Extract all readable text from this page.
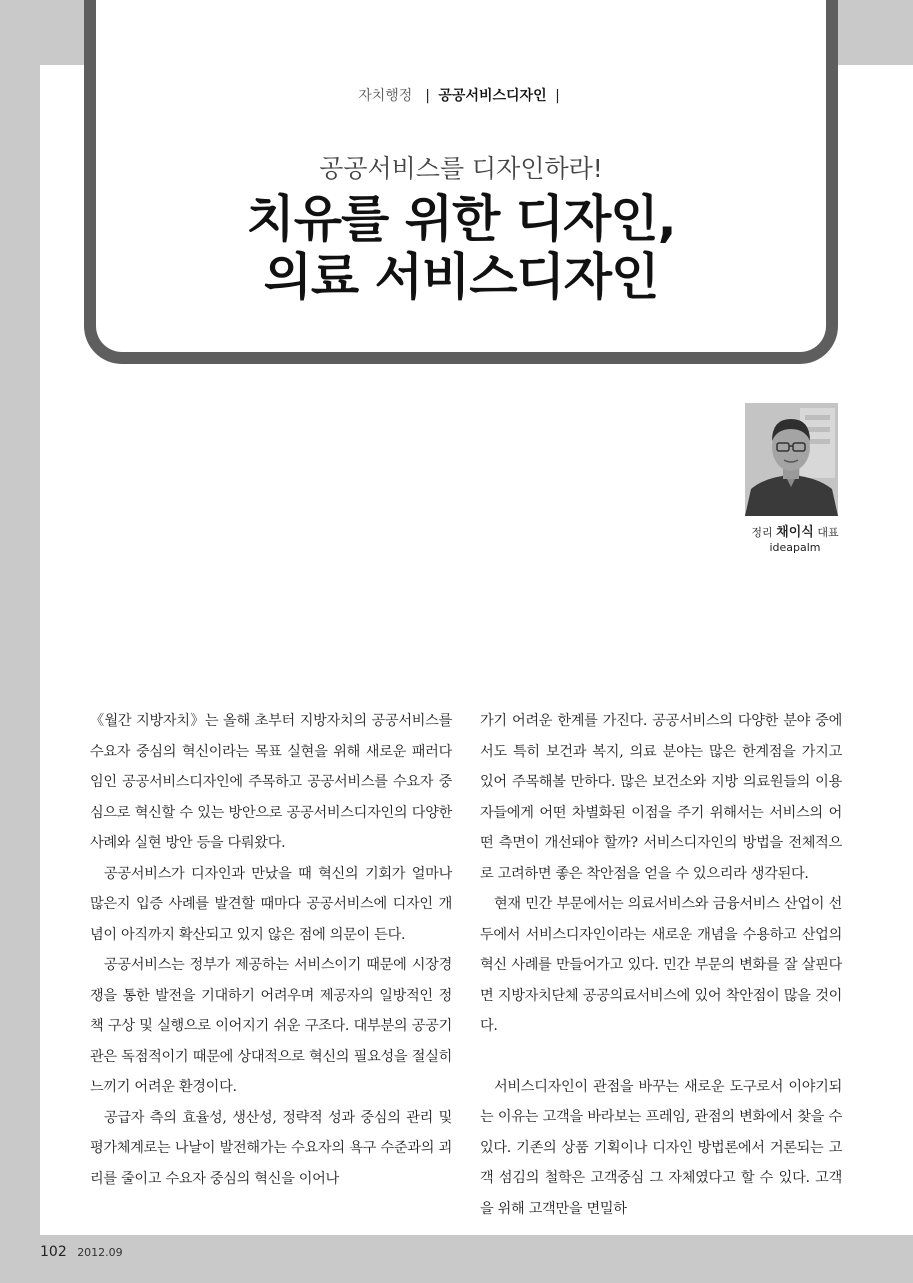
자치행정  | 공공서비스디자인 |
공공서비스를 디자인하라!
치유를 위한 디자인,
의료 서비스디자인
정리 채이식 대표
ideapalm

《월간 지방자치》는 올해 초부터 지방자치의 공공서비스를 수요자 중심의 혁신이라는 목표 실현을 위해 새로운 패러다임인 공공서비스디자인에 주목하고 공공서비스를 수요자 중심으로 혁신할 수 있는 방안으로 공공서비스디자인의 다양한 사례와 실현 방안 등을 다뤄왔다.

공공서비스가 디자인과 만났을 때 혁신의 기회가 얼마나 많은지 입증 사례를 발견할 때마다 공공서비스에 디자인 개념이 아직까지 확산되고 있지 않은 점에 의문이 든다.

공공서비스는 정부가 제공하는 서비스이기 때문에 시장경쟁을 통한 발전을 기대하기 어려우며 제공자의 일방적인 정책 구상 및 실행으로 이어지기 쉬운 구조다. 대부분의 공공기관은 독점적이기 때문에 상대적으로 혁신의 필요성을 절실히 느끼기 어려운 환경이다.

공급자 측의 효율성, 생산성, 정략적 성과 중심의 관리 및 평가체계로는 나날이 발전해가는 수요자의 욕구 수준과의 괴리를 줄이고 수요자 중심의 혁신을 이어나

가기 어려운 한계를 가진다. 공공서비스의 다양한 분야 중에서도 특히 보건과 복지, 의료 분야는 많은 한계점을 가지고 있어 주목해볼 만하다. 많은 보건소와 지방 의료원들의 이용자들에게 어떤 차별화된 이점을 주기 위해서는 서비스의 어떤 측면이 개선돼야 할까? 서비스디자인의 방법을 전체적으로 고려하면 좋은 착안점을 얻을 수 있으리라 생각된다.

현재 민간 부문에서는 의료서비스와 금융서비스 산업이 선두에서 서비스디자인이라는 새로운 개념을 수용하고 산업의 혁신 사례를 만들어가고 있다. 민간 부문의 변화를 잘 살핀다면 지방자치단체 공공의료서비스에 있어 착안점이 많을 것이다.

서비스디자인이 관점을 바꾸는 새로운 도구로서 이야기되는 이유는 고객을 바라보는 프레임, 관점의 변화에서 찾을 수 있다. 기존의 상품 기획이나 디자인 방법론에서 거론되는 고객 섬김의 철학은 고객중심 그 자체였다고 할 수 있다. 고객을 위해 고객만을 면밀하

102 2012.09
